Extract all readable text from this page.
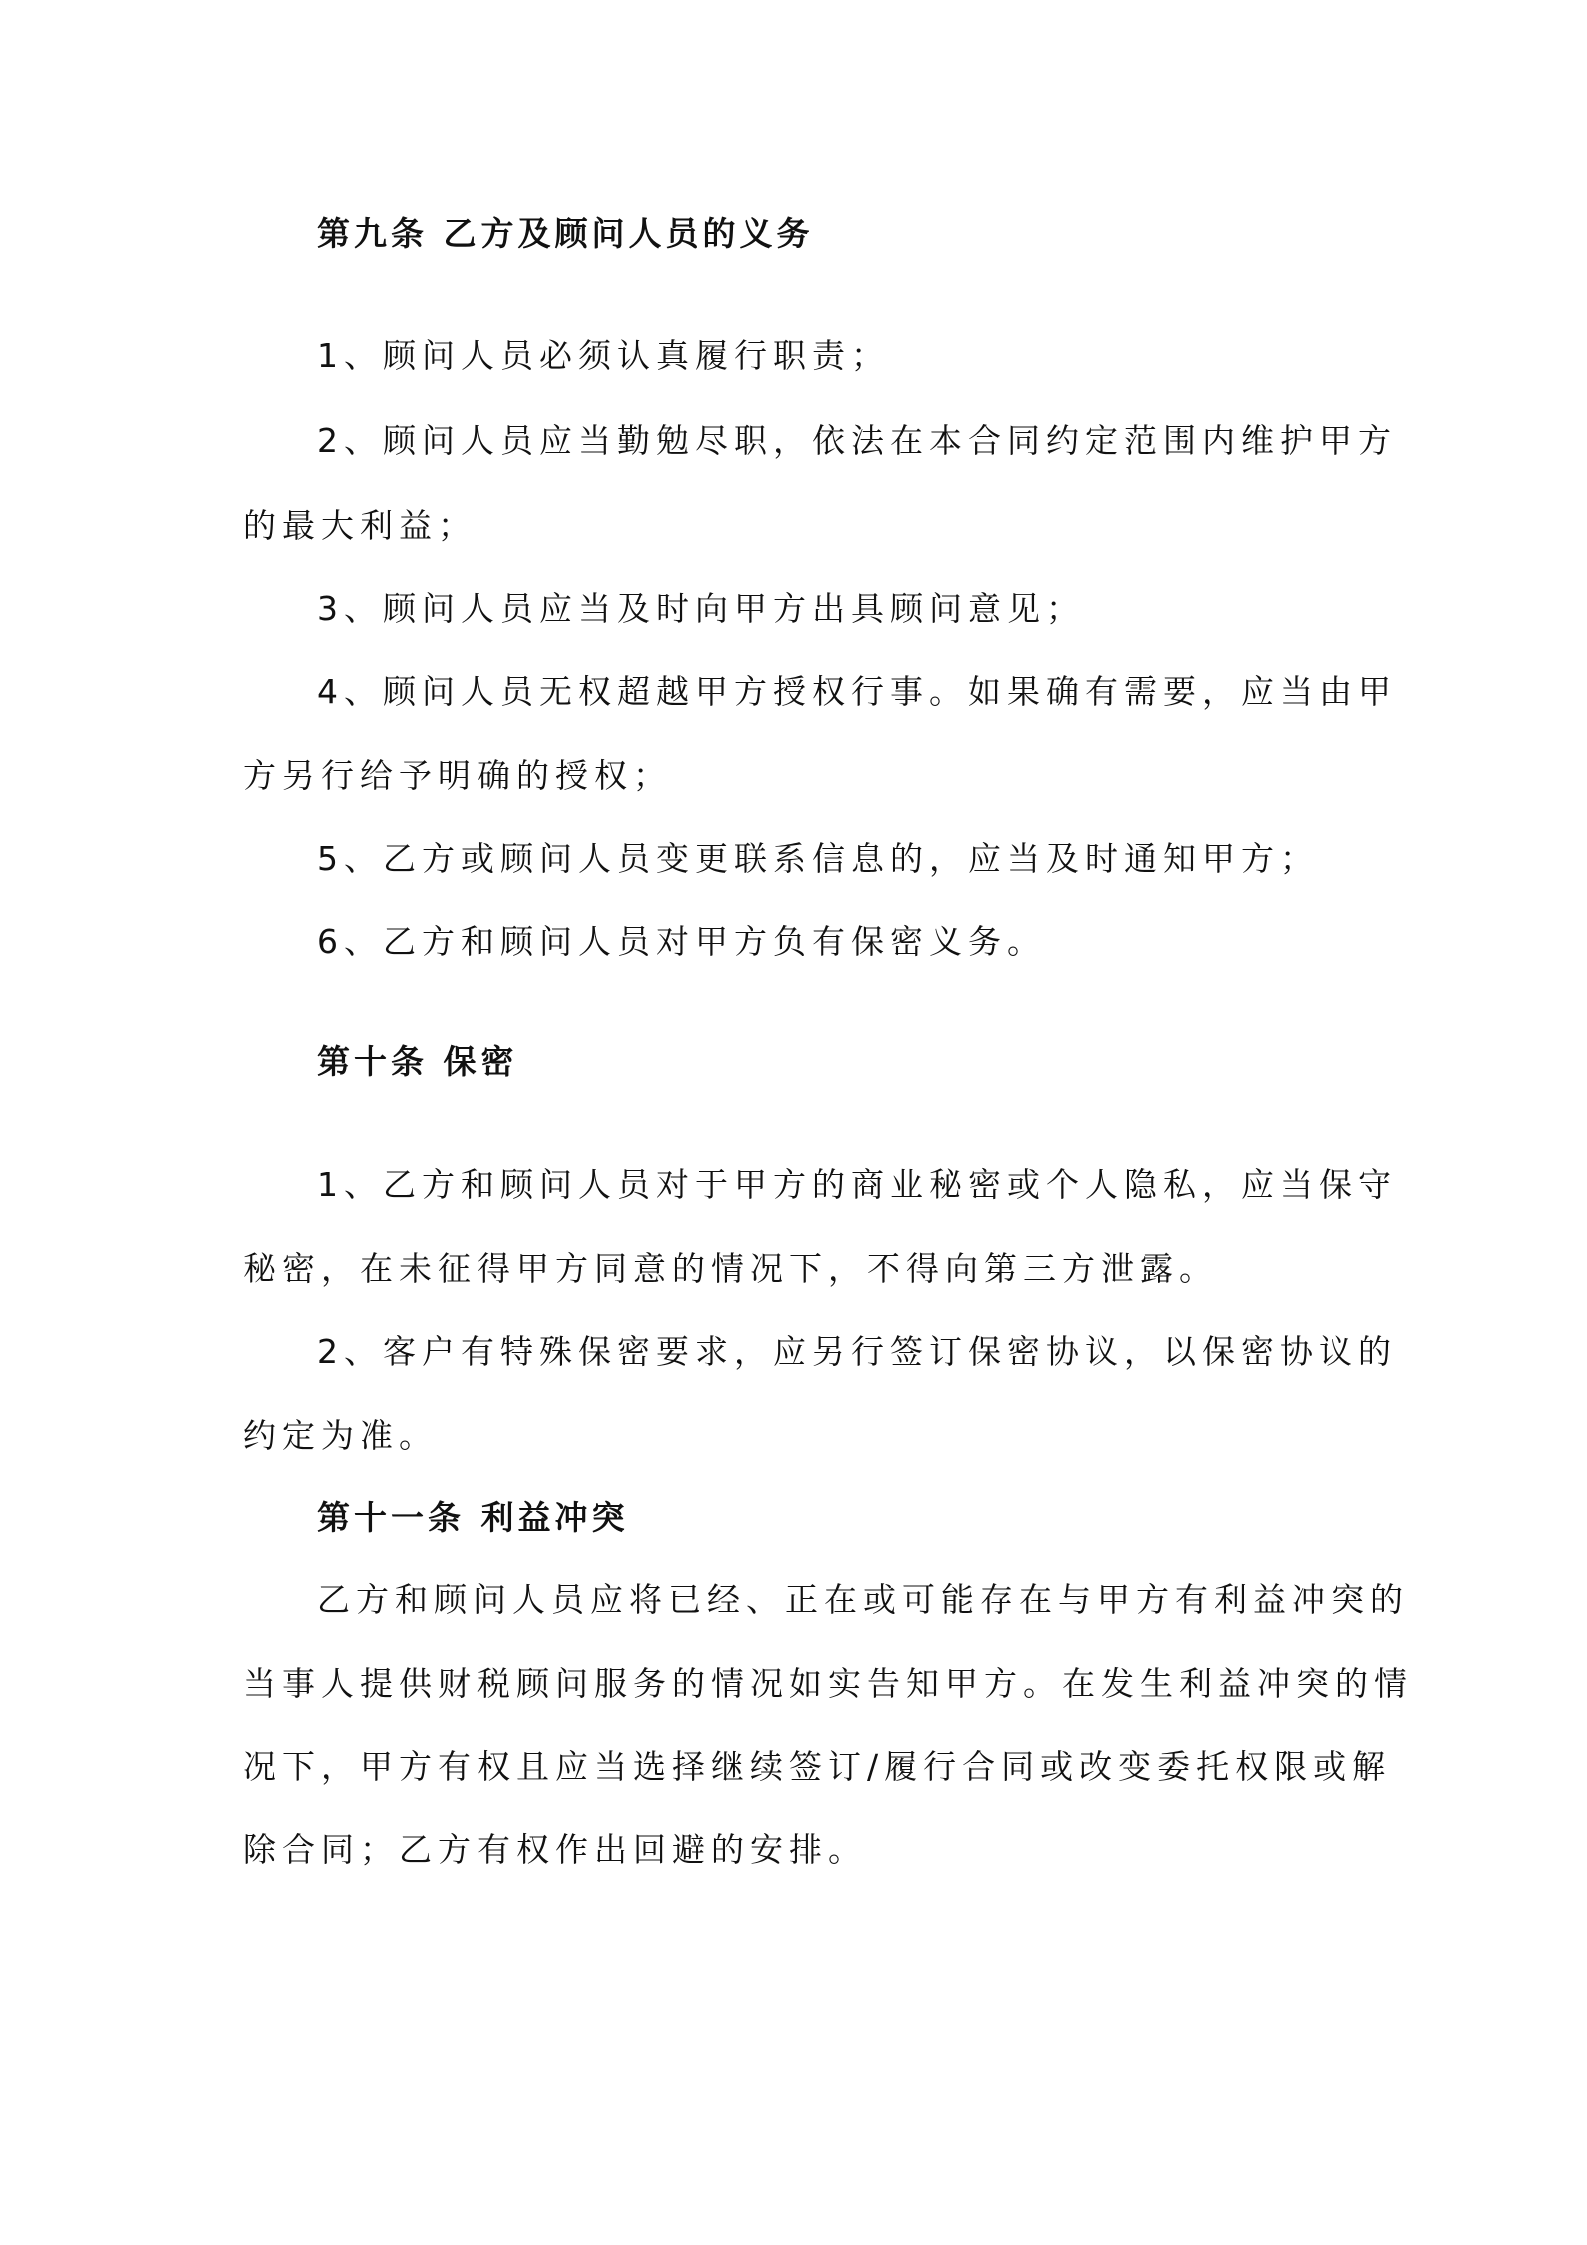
第九条 乙方及顾问人员的义务
1、顾问人员必须认真履行职责；
2、顾问人员应当勤勉尽职，依法在本合同约定范围内维护甲方
的最大利益；
3、顾问人员应当及时向甲方出具顾问意见；
4、顾问人员无权超越甲方授权行事。如果确有需要，应当由甲
方另行给予明确的授权；
5、乙方或顾问人员变更联系信息的，应当及时通知甲方；
6、乙方和顾问人员对甲方负有保密义务。
第十条 保密
1、乙方和顾问人员对于甲方的商业秘密或个人隐私，应当保守
秘密，在未征得甲方同意的情况下，不得向第三方泄露。
2、客户有特殊保密要求，应另行签订保密协议，以保密协议的
约定为准。
第十一条 利益冲突
乙方和顾问人员应将已经、正在或可能存在与甲方有利益冲突的
当事人提供财税顾问服务的情况如实告知甲方。在发生利益冲突的情
况下，甲方有权且应当选择继续签订/履行合同或改变委托权限或解
除合同；乙方有权作出回避的安排。
